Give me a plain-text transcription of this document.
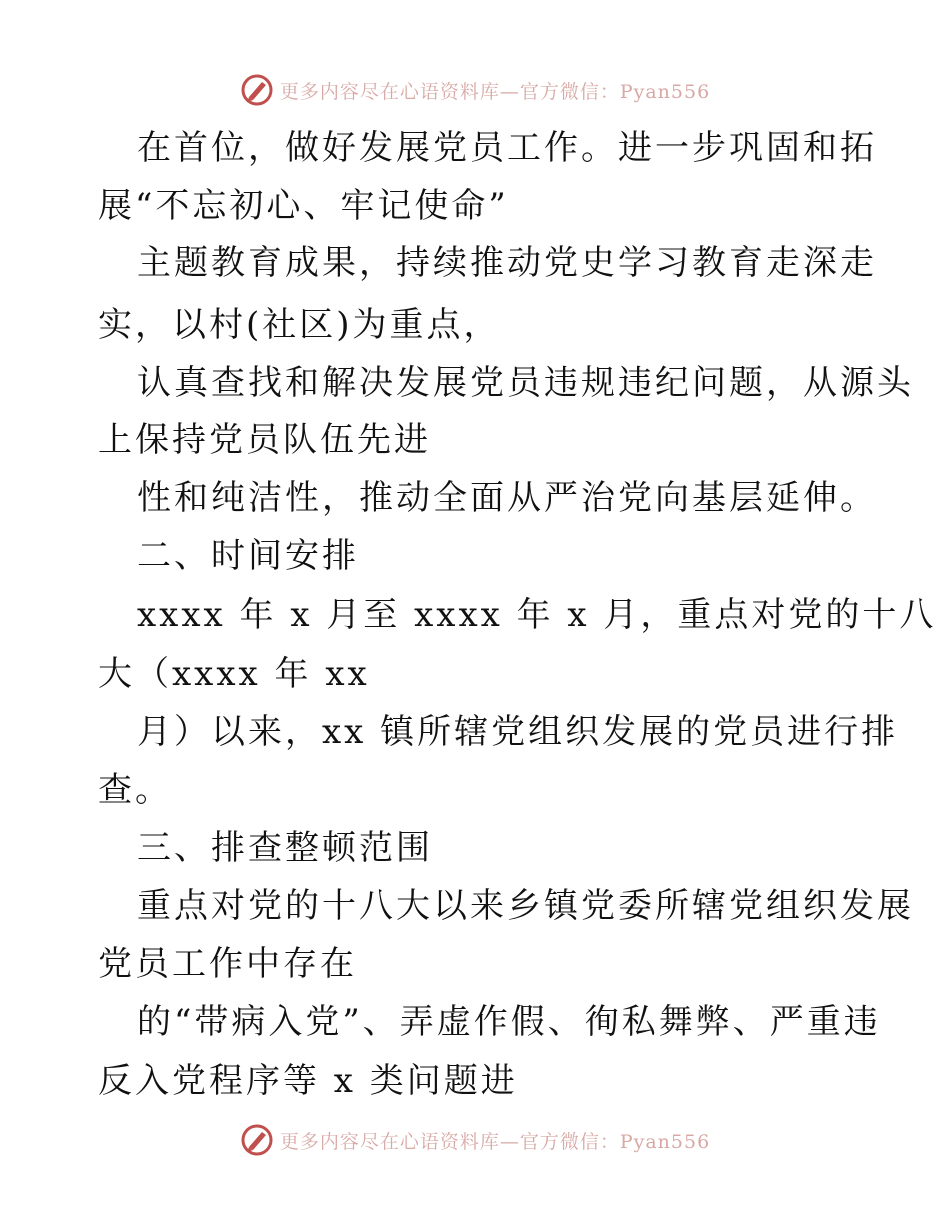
更多内容尽在心语资料库—官方微信：Pyan556
在首位，做好发展党员工作。进一步巩固和拓
展“不忘初心、牢记使命”
主题教育成果，持续推动党史学习教育走深走
实，以村(社区)为重点，
认真查找和解决发展党员违规违纪问题，从源头
上保持党员队伍先进
性和纯洁性，推动全面从严治党向基层延伸。
二、时间安排
xxxx 年 x 月至 xxxx 年 x 月，重点对党的十八
大（xxxx 年 xx
月）以来，xx 镇所辖党组织发展的党员进行排
查。
三、排查整顿范围
重点对党的十八大以来乡镇党委所辖党组织发展
党员工作中存在
的“带病入党”、弄虚作假、徇私舞弊、严重违
反入党程序等 x 类问题进
更多内容尽在心语资料库—官方微信：Pyan556
